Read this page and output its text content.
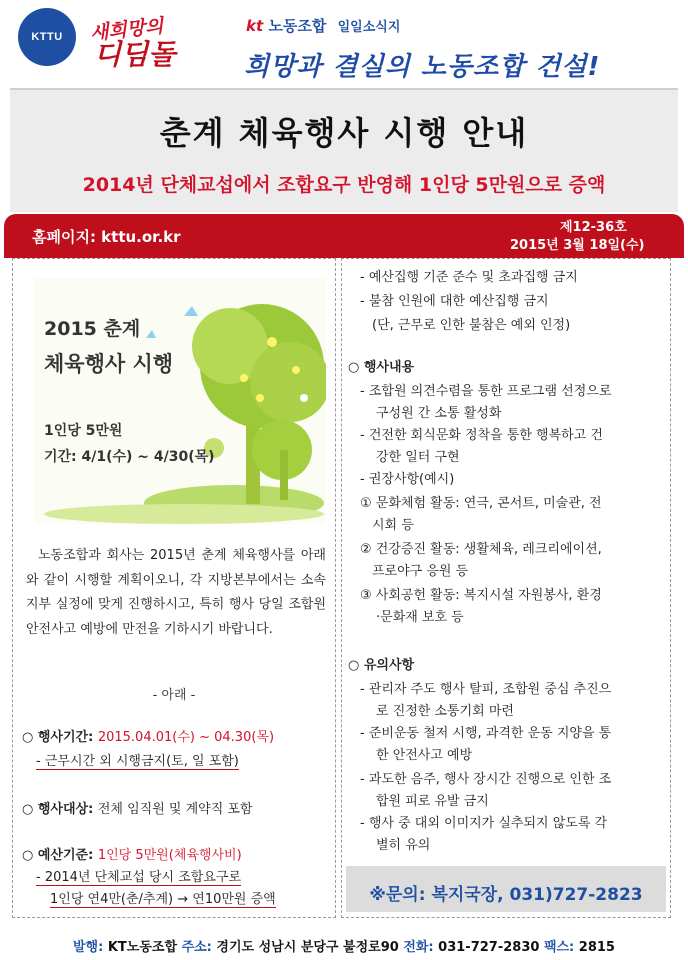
KTTU 새희망의
디딤돌
kt 노동조합 일일소식지
희망과 결실의 노동조합 건설!
춘계 체육행사 시행 안내
2014년 단체교섭에서 조합요구 반영해 1인당 5만원으로 증액
홈페이지: kttu.or.kr
제12-36호
2015년 3월 18일(수)
2015 춘계
체육행사 시행
1인당 5만원
기간: 4/1(수) ~ 4/30(목)
노동조합과 회사는 2015년 춘계 체육행사를 아래와 같이 시행할 계획이오니, 각 지방본부에서는 소속 지부 실정에 맞게 진행하시고, 특히 행사 당일 조합원 안전사고 예방에 만전을 기하시기 바랍니다.
- 아래 -
○ 행사기간: 2015.04.01(수) ~ 04.30(목)
- 근무시간 외 시행금지(토, 일 포함)
○ 행사대상: 전체 임직원 및 계약직 포함
○ 예산기준: 1인당 5만원(체육행사비)
- 2014년 단체교섭 당시 조합요구로
1인당 연4만(춘/추계) → 연10만원 증액
- 예산집행 기준 준수 및 초과집행 금지
- 불참 인원에 대한 예산집행 금지
(단, 근무로 인한 불참은 예외 인정)
○ 행사내용
- 조합원 의견수렴을 통한 프로그램 선정으로
구성원 간 소통 활성화
- 건전한 회식문화 정착을 통한 행복하고 건
강한 일터 구현
- 권장사항(예시)
① 문화체험 활동: 연극, 콘서트, 미술관, 전
시회 등
② 건강증진 활동: 생활체육, 레크리에이션,
프로야구 응원 등
③ 사회공헌 활동: 복지시설 자원봉사, 환경
·문화재 보호 등
○ 유의사항
- 관리자 주도 행사 탈피, 조합원 중심 추진으
로 진정한 소통기회 마련
- 준비운동 철저 시행, 과격한 운동 지양을 통
한 안전사고 예방
- 과도한 음주, 행사 장시간 진행으로 인한 조
합원 피로 유발 금지
- 행사 중 대외 이미지가 실추되지 않도록 각
별히 유의
※문의: 복지국장, 031)727-2823
발행: KT노동조합 주소: 경기도 성남시 분당구 불정로90 전화: 031-727-2830 팩스: 2815
